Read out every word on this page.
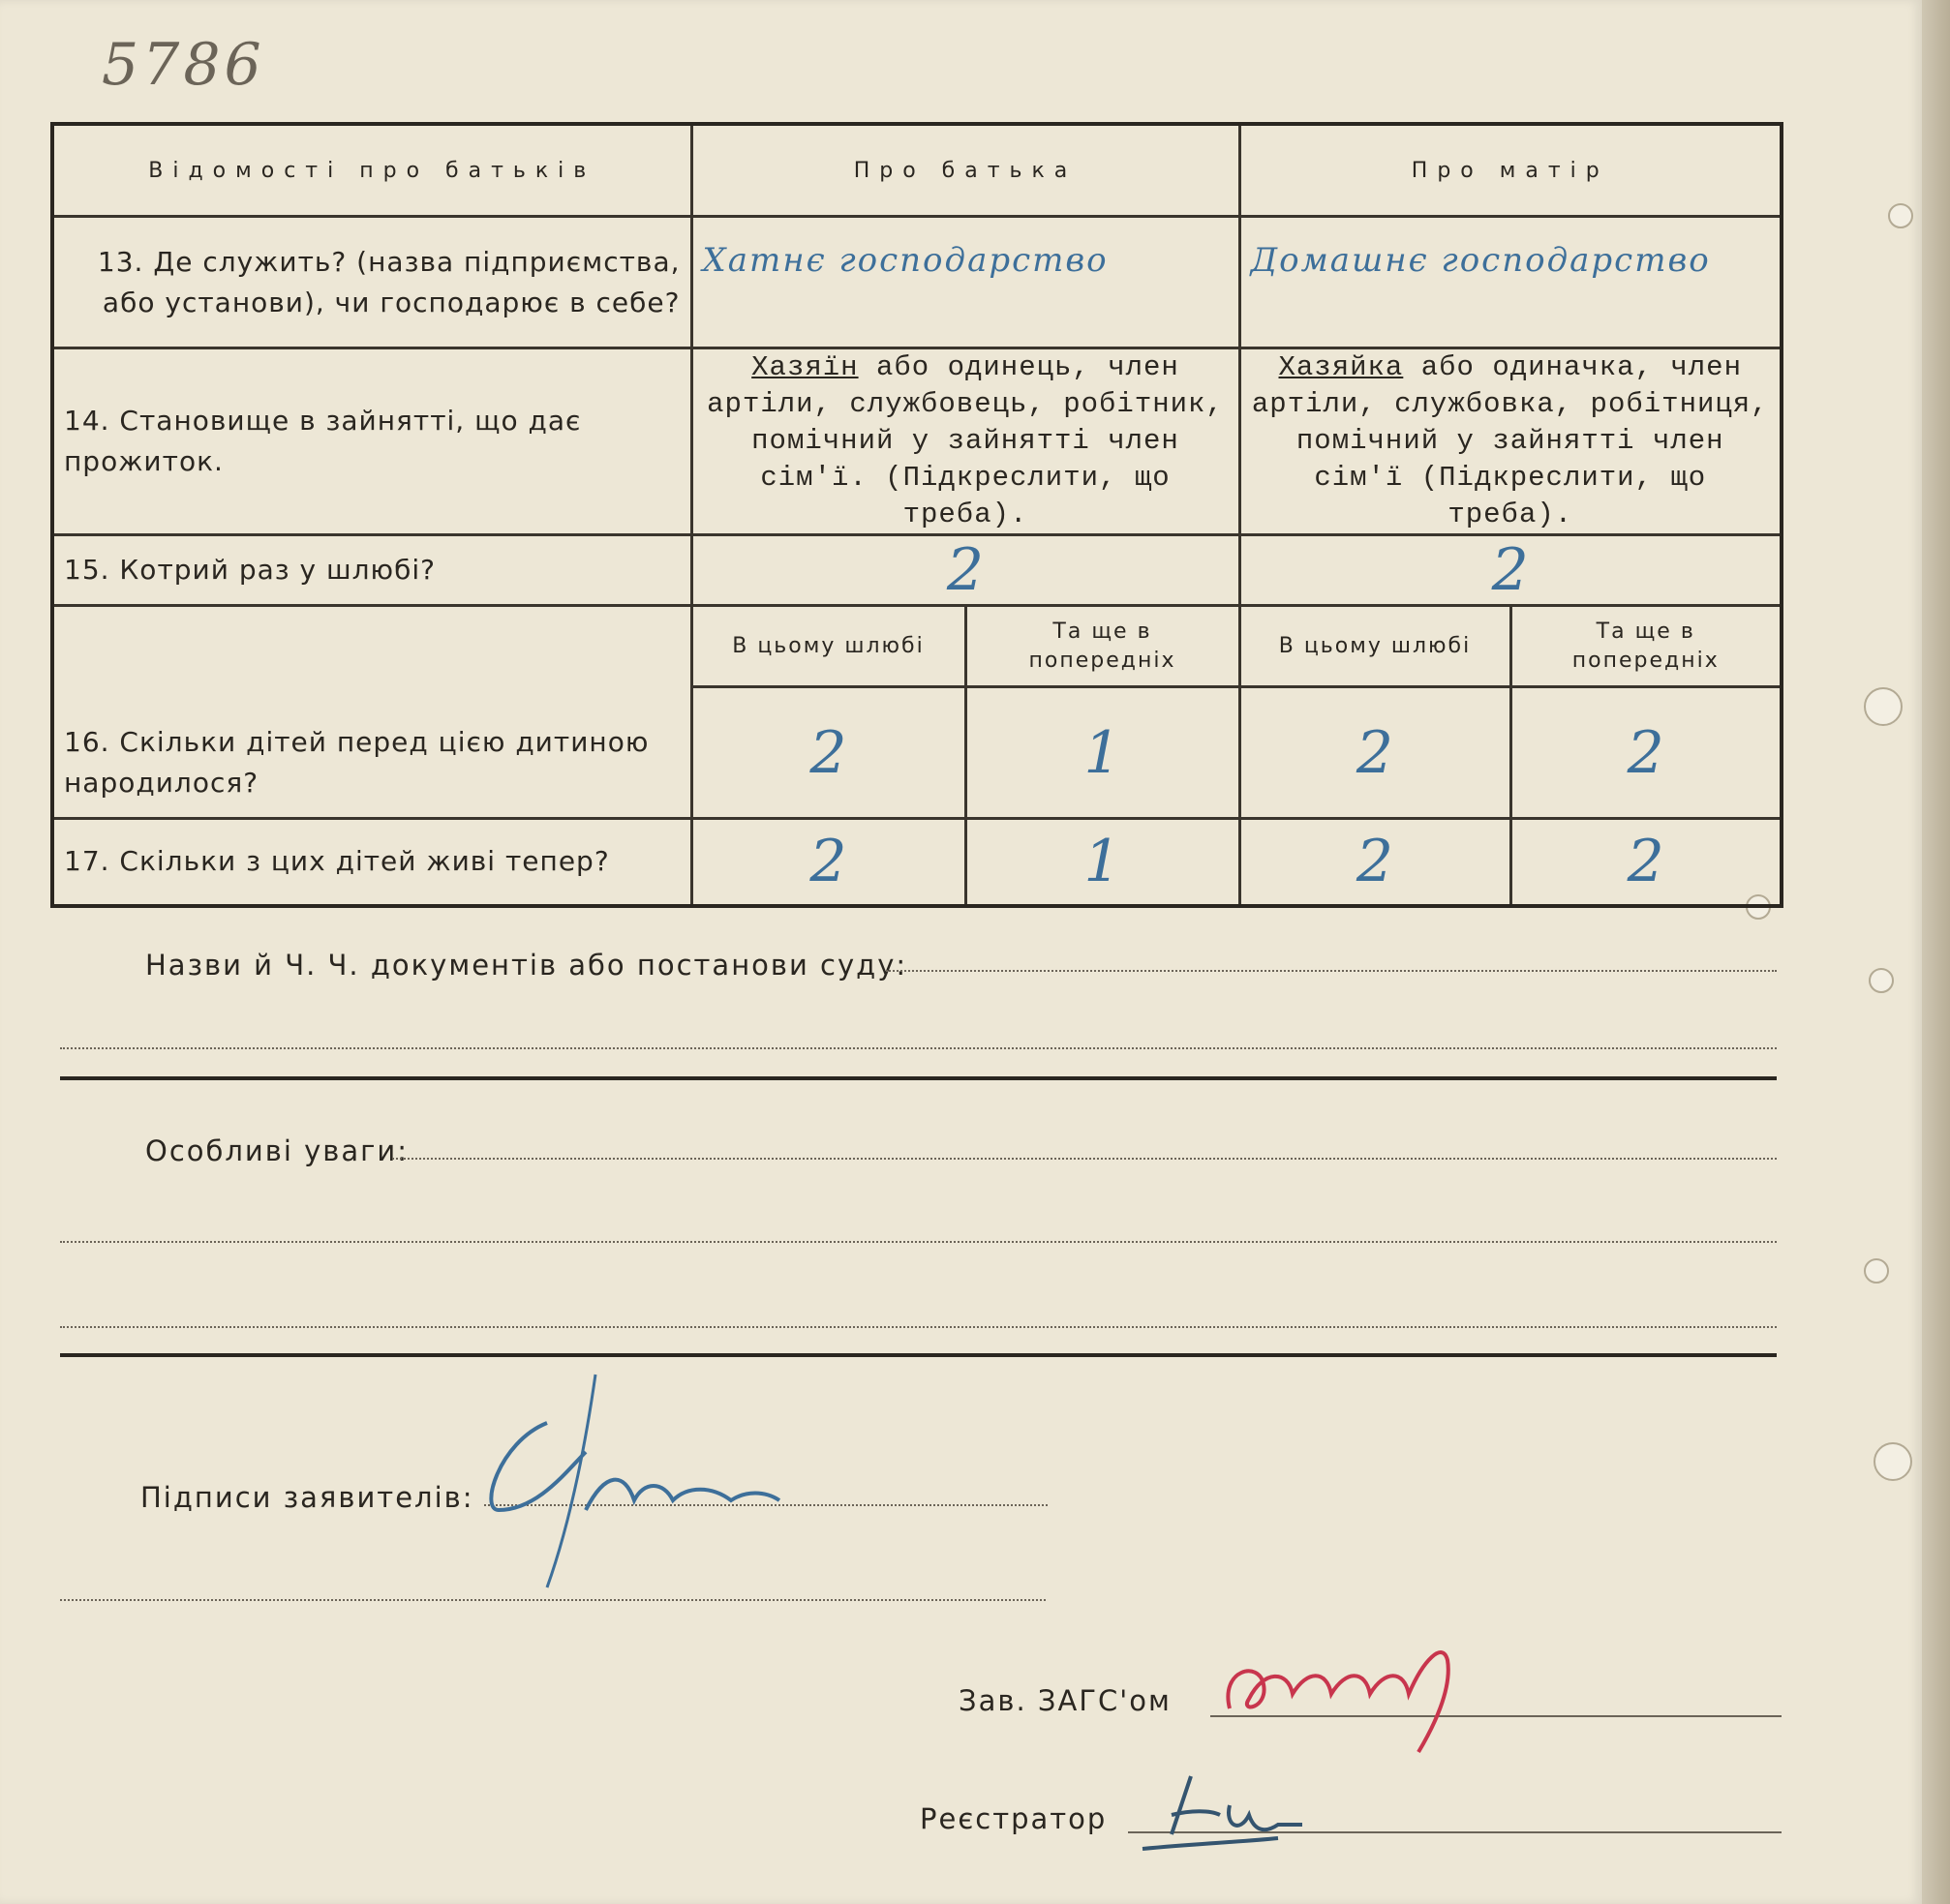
5786
Відомості про батьків	Про батька		Про матір	
13. Де служить? (назва підприємства, або установи), чи господарює в себе?	Хатнє господарство		Домашнє господарство	
14. Становище в зайнятті, що дає прожиток.	Хазяїн або одинець, член артіли, службовець, робітник, помічний у зайнятті член сім'ї. (Підкреслити, що треба).		Хазяйка або одиначка, член артіли, службовка, робітниця, помічний у зайнятті член сім'ї (Підкреслити, що треба).	
15. Котрий раз у шлюбі?	2		2	
16. Скільки дітей перед цією дитиною народилося?	В цьому шлюбі	Та ще в попередніх	В цьому шлюбі	Та ще в попередніх
	2	1	2	2
17. Скільки з цих дітей живі тепер?	2	1	2	2
Назви й Ч. Ч. документів або постанови суду:
Особливі уваги:
Підписи заявителів:
Зав. ЗАГС'ом
Реєстратор
